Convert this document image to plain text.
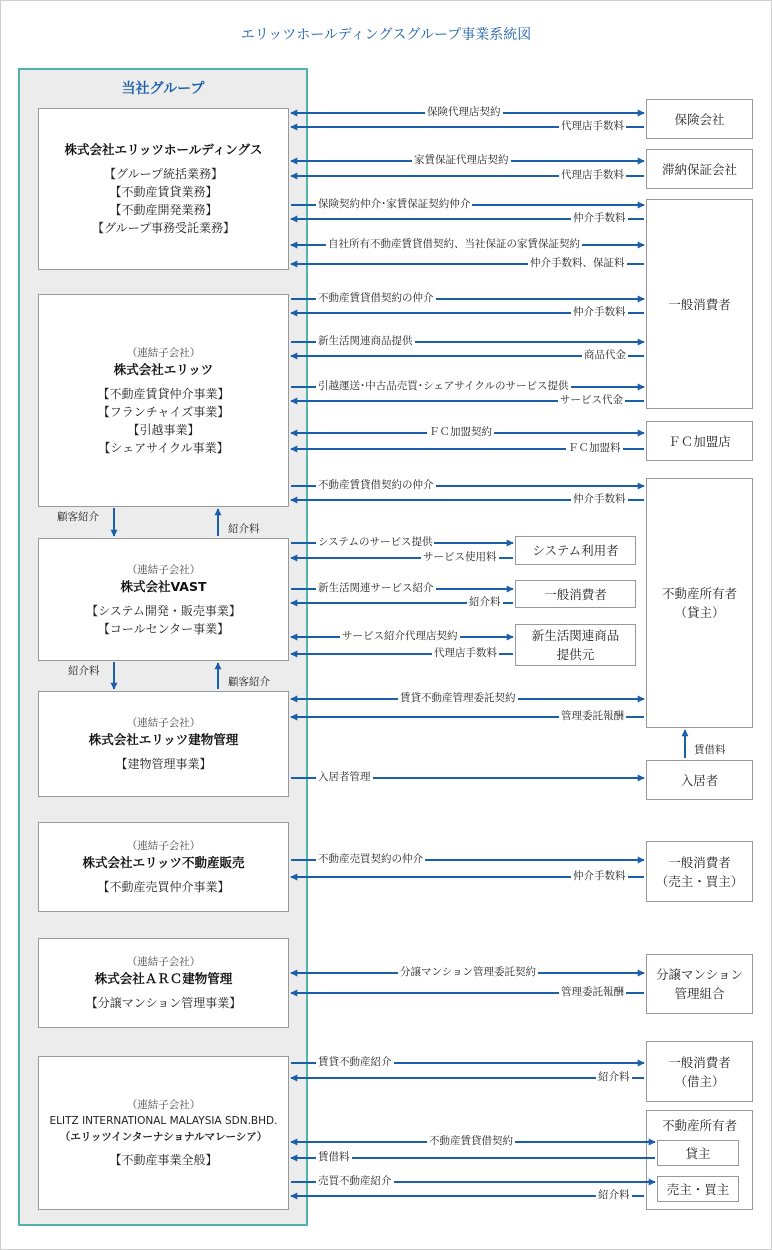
エリッツホールディングスグループ事業系統図
当社グループ
株式会社エリッツホールディングス
【グループ統括業務】
【不動産賃貸業務】
【不動産開発業務】
【グループ事務受託業務】
（連結子会社）
株式会社エリッツ
【不動産賃貸仲介事業】
【フランチャイズ事業】
【引越事業】
【シェアサイクル事業】
（連結子会社）
株式会社VAST
【システム開発・販売事業】
【コールセンター事業】
（連結子会社）
株式会社エリッツ建物管理
【建物管理事業】
（連結子会社）
株式会社エリッツ不動産販売
【不動産売買仲介事業】
（連結子会社）
株式会社ＡＲＣ建物管理
【分譲マンション管理事業】
（連結子会社）
ELITZ INTERNATIONAL MALAYSIA SDN.BHD.
（エリッツインターナショナルマレーシア）
【不動産事業全般】
保険会社
滞納保証会社
一般消費者
ＦＣ加盟店
不動産所有者
（貸主）
システム利用者
一般消費者
新生活関連商品
提供元
入居者
一般消費者
（売主・買主）
分譲マンション
管理組合
一般消費者
（借主）
不動産所有者
貸主
売主・買主
保険代理店契約
代理店手数料
家賃保証代理店契約
代理店手数料
保険契約仲介･家賃保証契約仲介
仲介手数料
自社所有不動産賃貸借契約、当社保証の家賃保証契約
仲介手数料、保証料
不動産賃貸借契約の仲介
仲介手数料
新生活関連商品提供
商品代金
引越運送･中古品売買･シェアサイクルのサービス提供
サービス代金
ＦＣ加盟契約
ＦＣ加盟料
不動産賃貸借契約の仲介
仲介手数料
システムのサービス提供
サービス使用料
新生活関連サービス紹介
紹介料
サービス紹介代理店契約
代理店手数料
賃貸不動産管理委託契約
管理委託報酬
入居者管理
不動産売買契約の仲介
仲介手数料
分譲マンション管理委託契約
管理委託報酬
賃貸不動産紹介
紹介料
不動産賃貸借契約
賃借料
売買不動産紹介
紹介料
顧客紹介
紹介料
紹介料
顧客紹介
賃借料
